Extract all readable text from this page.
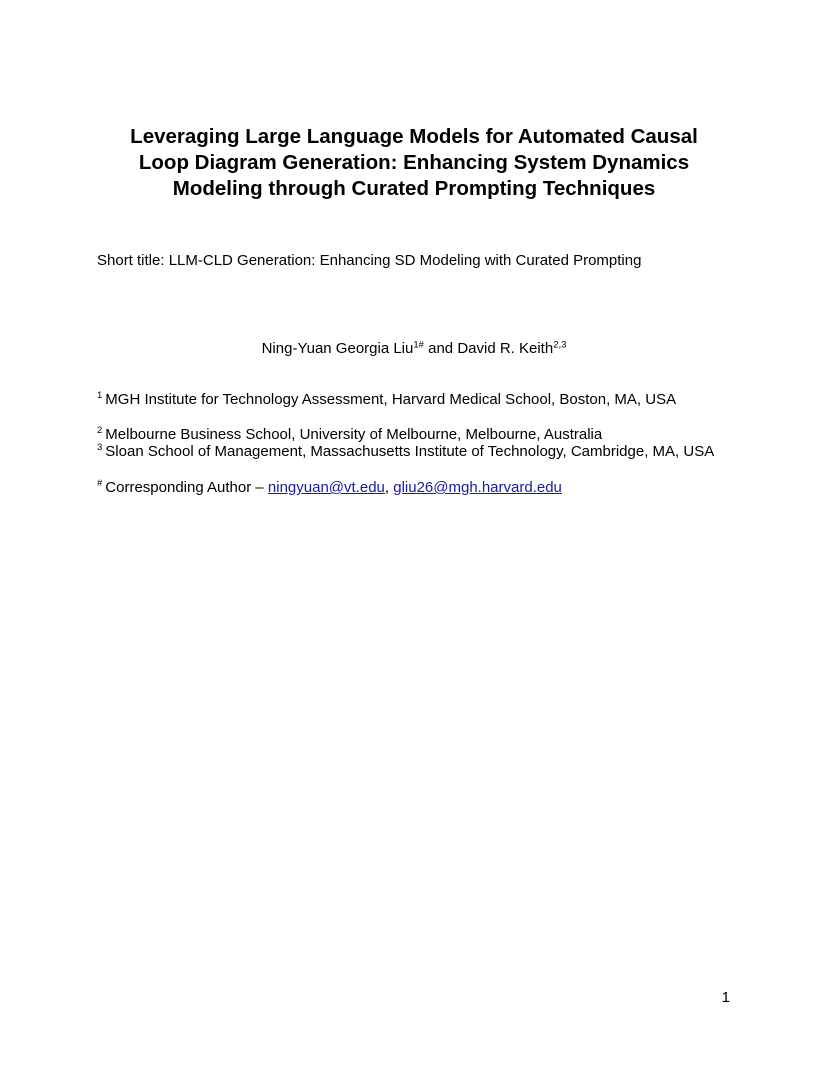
Leveraging Large Language Models for Automated Causal
Loop Diagram Generation: Enhancing System Dynamics
Modeling through Curated Prompting Techniques
Short title: LLM-CLD Generation: Enhancing SD Modeling with Curated Prompting
Ning-Yuan Georgia Liu$^{1\#}$ and David R. Keith$^{2,3}$
$^1$ MGH Institute for Technology Assessment, Harvard Medical School, Boston, MA, USA
$^2$ Melbourne Business School, University of Melbourne, Melbourne, Australia
$^3$ Sloan School of Management, Massachusetts Institute of Technology, Cambridge, MA, USA
# Corresponding Author – ningyuan@vt.edu, gliu26@mgh.harvard.edu
1
